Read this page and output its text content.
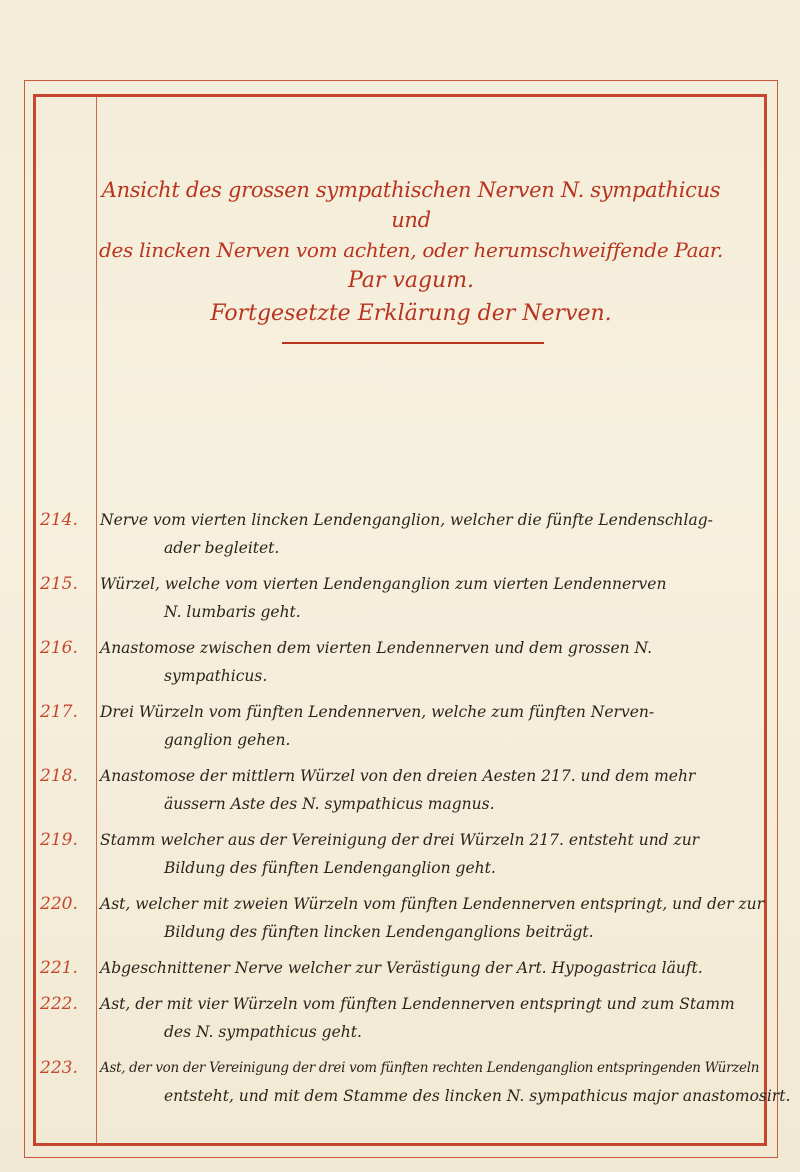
Ansicht des grossen sympathischen Nerven N. sympathicus und
des lincken Nerven vom achten, oder herumschweiffende Paar.
Par vagum.
Fortgesetzte Erklärung der Nerven.
214.	Nerve vom vierten lincken Lendenganglion, welcher die fünfte Lendenschlag-
ader begleitet.
215.	Würzel, welche vom vierten Lendenganglion zum vierten Lendennerven
N. lumbaris geht.
216.	Anastomose zwischen dem vierten Lendennerven und dem grossen N.
sympathicus.
217.	Drei Würzeln vom fünften Lendennerven, welche zum fünften Nerven-
ganglion gehen.
218.	Anastomose der mittlern Würzel von den dreien Aesten 217. und dem mehr
äussern Aste des N. sympathicus magnus.
219.	Stamm welcher aus der Vereinigung der drei Würzeln 217. entsteht und zur
Bildung des fünften Lendenganglion geht.
220.	Ast, welcher mit zweien Würzeln vom fünften Lendennerven entspringt, und der zur
Bildung des fünften lincken Lendenganglions beiträgt.
221.	Abgeschnittener Nerve welcher zur Verästigung der Art. Hypogastrica läuft.
222.	Ast, der mit vier Würzeln vom fünften Lendennerven entspringt und zum Stamm
des N. sympathicus geht.
223.	Ast, der von der Vereinigung der drei vom fünften rechten Lendenganglion entspringenden Würzeln
entsteht, und mit dem Stamme des lincken N. sympathicus major anastomosirt.
